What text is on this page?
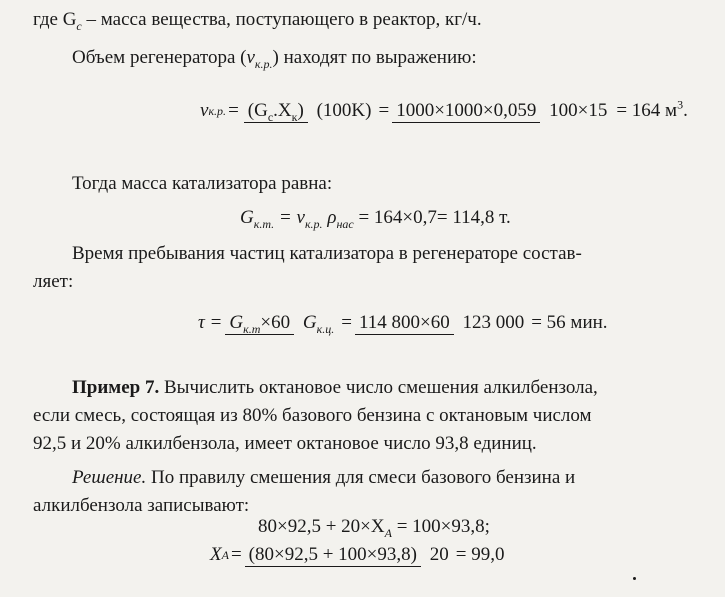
где $G_с$ – масса вещества, поступающего в реактор, кг/ч.
Объем регенератора $(v_{к.р.})$ находят по выражению:
v к.р. = $(G_с.X_к) (100K) = 1000\times 1000\times 0,059$ 100×15 = 164 $м^3$.
Тогда масса катализатора равна:
$G_{к.т.} = v_{к.р.}$ $\rho_{нас} = 164\times 0,7= 114,8$ т.
Время пребывания частиц катализатора в регенераторе состав-
ляет:
$\tau = G_{к.т}\times 60$ $G_{к.ц.} = 114$ 800×60 123 000 = 56 мин.
Пример 7. Вычислить октановое число смешения алкилбензола,
если смесь, состоящая из 80% базового бензина с октановым числом
92,5 и 20% алкилбензола, имеет октановое число 93,8 единиц.
Решение. По правилу смешения для смеси базового бензина и
алкилбензола записывают:
$80\times 92,5 + 20\times X_A = 100\times 93,8$;
X A = (80×92,5 + 100×93,8) 20 = 99,0
